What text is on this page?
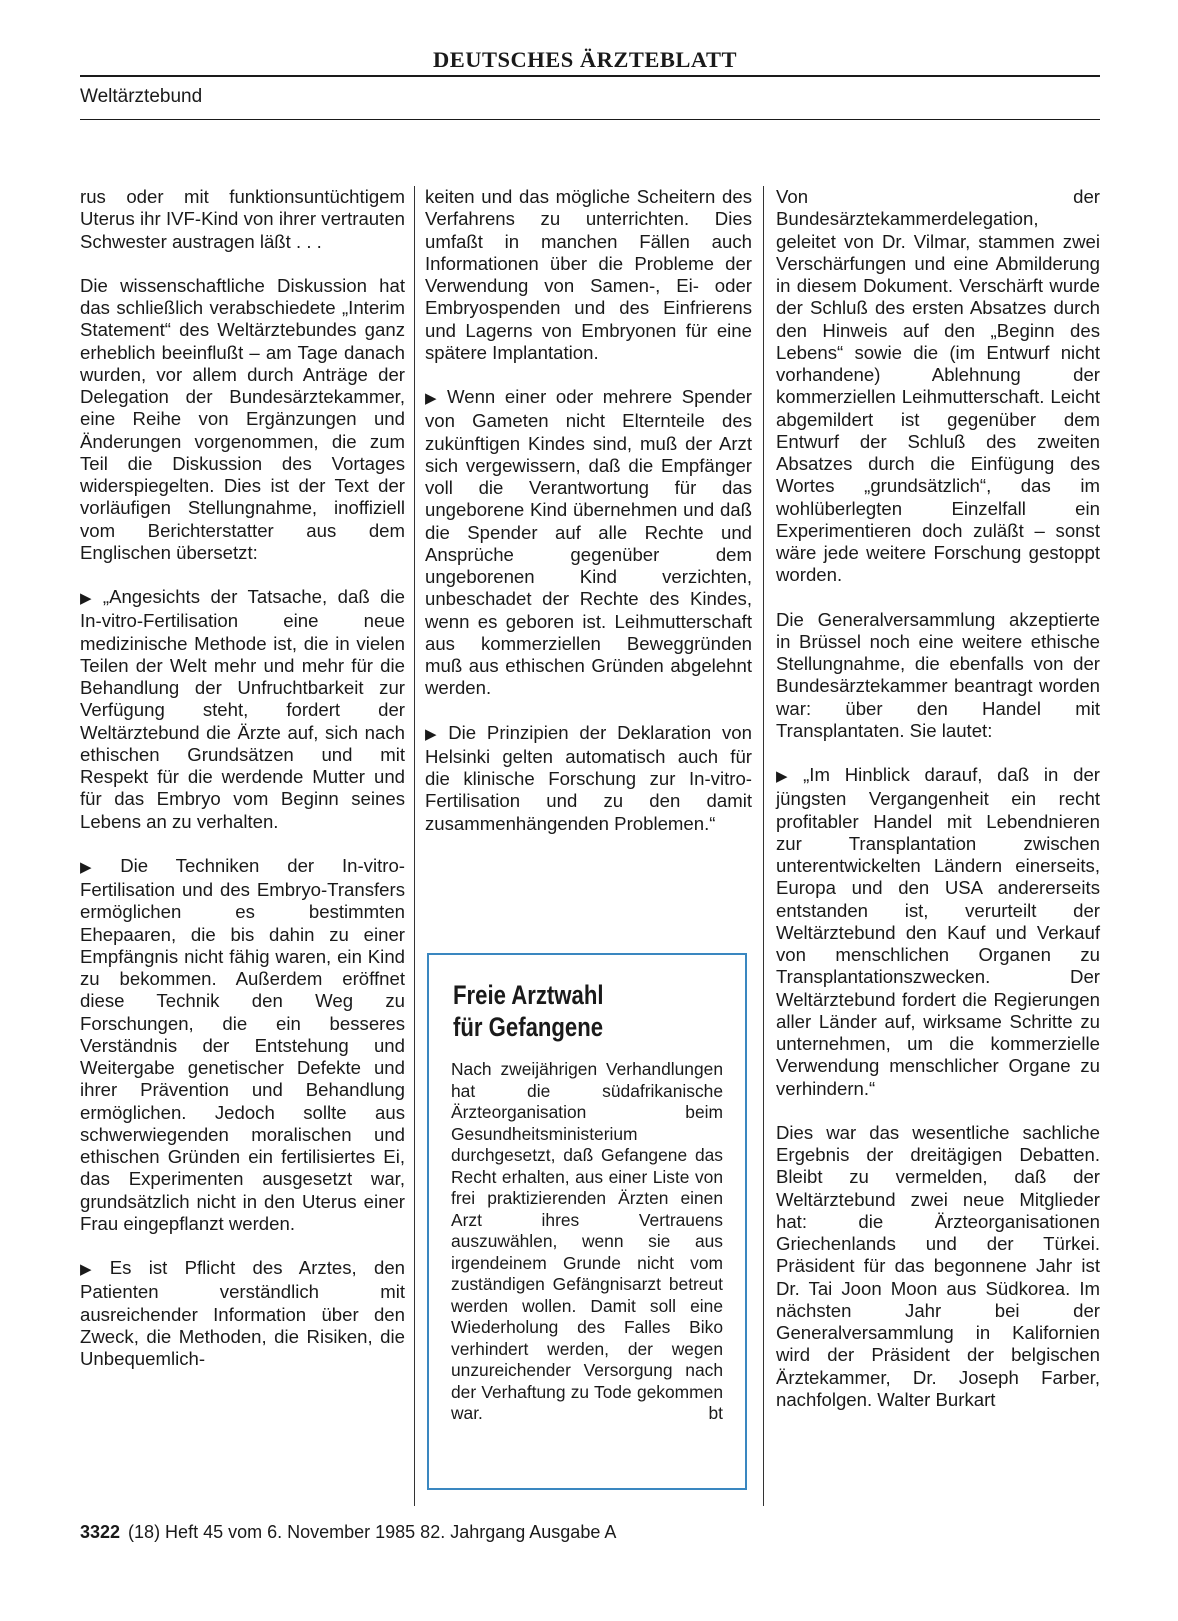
DEUTSCHES ÄRZTEBLATT
Weltärztebund

rus oder mit funktionsuntüchtigem Uterus ihr IVF-Kind von ihrer vertrauten Schwester austragen läßt . . .

Die wissenschaftliche Diskussion hat das schließlich verabschiedete „Interim Statement“ des Weltärztebundes ganz erheblich beeinflußt – am Tage danach wurden, vor allem durch Anträge der Delegation der Bundesärztekammer, eine Reihe von Ergänzungen und Änderungen vorgenommen, die zum Teil die Diskussion des Vortages widerspiegelten. Dies ist der Text der vorläufigen Stellungnahme, inoffiziell vom Berichterstatter aus dem Englischen übersetzt:

▶ „Angesichts der Tatsache, daß die In-vitro-Fertilisation eine neue medizinische Methode ist, die in vielen Teilen der Welt mehr und mehr für die Behandlung der Unfruchtbarkeit zur Verfügung steht, fordert der Weltärztebund die Ärzte auf, sich nach ethischen Grundsätzen und mit Respekt für die werdende Mutter und für das Embryo vom Beginn seines Lebens an zu verhalten.

▶ Die Techniken der In-vitro-Fertilisation und des Embryo-Transfers ermöglichen es bestimmten Ehepaaren, die bis dahin zu einer Empfängnis nicht fähig waren, ein Kind zu bekommen. Außerdem eröffnet diese Technik den Weg zu Forschungen, die ein besseres Verständnis der Entstehung und Weitergabe genetischer Defekte und ihrer Prävention und Behandlung ermöglichen. Jedoch sollte aus schwerwiegenden moralischen und ethischen Gründen ein fertilisiertes Ei, das Experimenten ausgesetzt war, grundsätzlich nicht in den Uterus einer Frau eingepflanzt werden.

▶ Es ist Pflicht des Arztes, den Patienten verständlich mit ausreichender Information über den Zweck, die Methoden, die Risiken, die Unbequemlich-

keiten und das mögliche Scheitern des Verfahrens zu unterrichten. Dies umfaßt in manchen Fällen auch Informationen über die Probleme der Verwendung von Samen-, Ei- oder Embryospenden und des Einfrierens und Lagerns von Embryonen für eine spätere Implantation.

▶ Wenn einer oder mehrere Spender von Gameten nicht Elternteile des zukünftigen Kindes sind, muß der Arzt sich vergewissern, daß die Empfänger voll die Verantwortung für das ungeborene Kind übernehmen und daß die Spender auf alle Rechte und Ansprüche gegenüber dem ungeborenen Kind verzichten, unbeschadet der Rechte des Kindes, wenn es geboren ist. Leihmutterschaft aus kommerziellen Beweggründen muß aus ethischen Gründen abgelehnt werden.

▶ Die Prinzipien der Deklaration von Helsinki gelten automatisch auch für die klinische Forschung zur In-vitro-Fertilisation und zu den damit zusammenhängenden Problemen.“

Freie Arztwahl
für Gefangene
Nach zweijährigen Verhandlungen hat die südafrikanische Ärzteorganisation beim Gesundheitsministerium durchgesetzt, daß Gefangene das Recht erhalten, aus einer Liste von frei praktizierenden Ärzten einen Arzt ihres Vertrauens auszuwählen, wenn sie aus irgendeinem Grunde nicht vom zuständigen Gefängnisarzt betreut werden wollen. Damit soll eine Wiederholung des Falles Biko verhindert werden, der wegen unzureichender Versorgung nach der Verhaftung zu Tode gekommen war.	bt

Von der Bundesärztekammerdelegation, geleitet von Dr. Vilmar, stammen zwei Verschärfungen und eine Abmilderung in diesem Dokument. Verschärft wurde der Schluß des ersten Absatzes durch den Hinweis auf den „Beginn des Lebens“ sowie die (im Entwurf nicht vorhandene) Ablehnung der kommerziellen Leihmutterschaft. Leicht abgemildert ist gegenüber dem Entwurf der Schluß des zweiten Absatzes durch die Einfügung des Wortes „grundsätzlich“, das im wohlüberlegten Einzelfall ein Experimentieren doch zuläßt – sonst wäre jede weitere Forschung gestoppt worden.

Die Generalversammlung akzeptierte in Brüssel noch eine weitere ethische Stellungnahme, die ebenfalls von der Bundesärztekammer beantragt worden war: über den Handel mit Transplantaten. Sie lautet:

▶ „Im Hinblick darauf, daß in der jüngsten Vergangenheit ein recht profitabler Handel mit Lebendnieren zur Transplantation zwischen unterentwickelten Ländern einerseits, Europa und den USA andererseits entstanden ist, verurteilt der Weltärztebund den Kauf und Verkauf von menschlichen Organen zu Transplantationszwecken. Der Weltärztebund fordert die Regierungen aller Länder auf, wirksame Schritte zu unternehmen, um die kommerzielle Verwendung menschlicher Organe zu verhindern.“

Dies war das wesentliche sachliche Ergebnis der dreitägigen Debatten. Bleibt zu vermelden, daß der Weltärztebund zwei neue Mitglieder hat: die Ärzteorganisationen Griechenlands und der Türkei. Präsident für das begonnene Jahr ist Dr. Tai Joon Moon aus Südkorea. Im nächsten Jahr bei der Generalversammlung in Kalifornien wird der Präsident der belgischen Ärztekammer, Dr. Joseph Farber, nachfolgen. Walter Burkart

3322 (18) Heft 45 vom 6. November 1985 82. Jahrgang Ausgabe A
